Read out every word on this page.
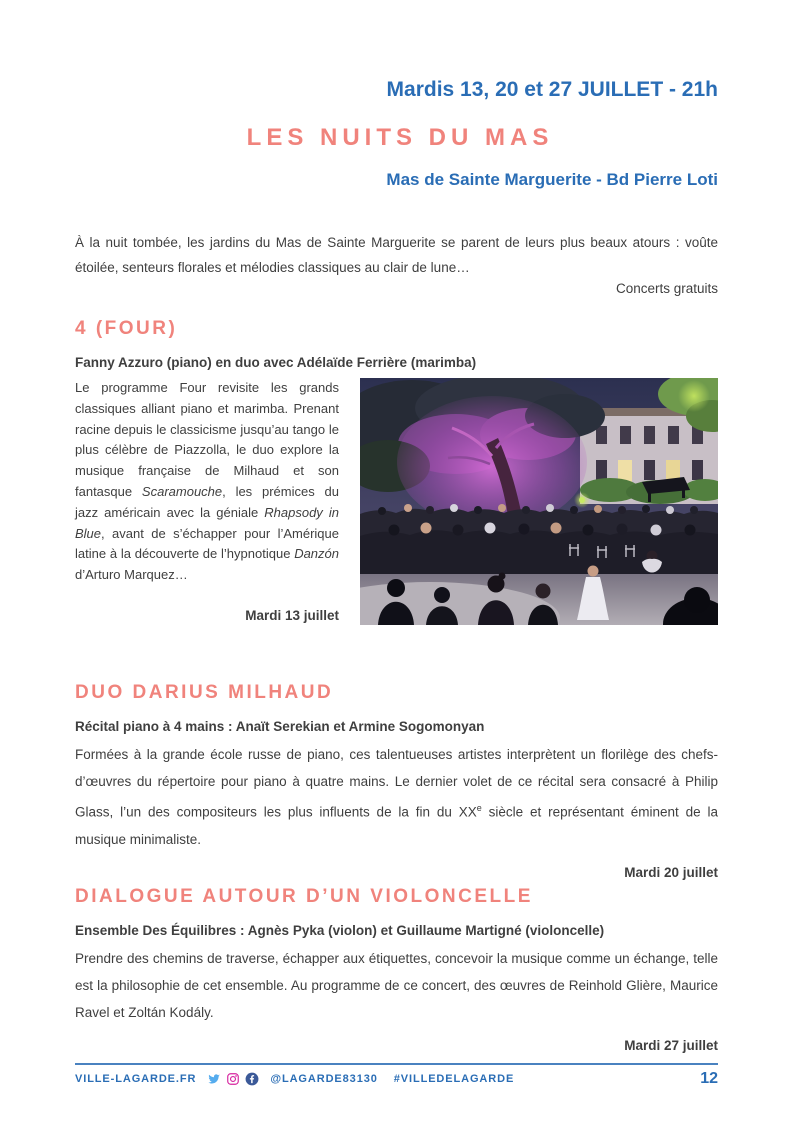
Mardis 13, 20 et 27 JUILLET - 21h
LES NUITS DU MAS
Mas de Sainte Marguerite - Bd Pierre Loti

À la nuit tombée, les jardins du Mas de Sainte Marguerite se parent de leurs plus beaux atours : voûte étoilée, senteurs florales et mélodies classiques au clair de lune…

Concerts gratuits
4 (FOUR)
Fanny Azzuro (piano) en duo avec Adélaïde Ferrière (marimba)

Le programme Four revisite les grands classiques alliant piano et marimba. Prenant racine depuis le classicisme jusqu’au tango le plus célèbre de Piazzolla, le duo explore la musique française de Milhaud et son fantasque Scaramouche, les prémices du jazz américain avec la géniale Rhapsody in Blue, avant de s’échapper pour l’Amérique latine à la découverte de l’hypnotique Danzón d’Arturo Marquez…

Mardi 13 juillet
DUO DARIUS MILHAUD
Récital piano à 4 mains : Anaït Serekian et Armine Sogomonyan

Formées à la grande école russe de piano, ces talentueuses artistes interprètent un florilège des chefs-d’œuvres du répertoire pour piano à quatre mains. Le dernier volet de ce récital sera consacré à Philip Glass, l’un des compositeurs les plus influents de la fin du XXe siècle et représentant éminent de la musique minimaliste.

Mardi 20 juillet
DIALOGUE AUTOUR D’UN VIOLONCELLE
Ensemble Des Équilibres : Agnès Pyka (violon) et Guillaume Martigné (violoncelle)

Prendre des chemins de traverse, échapper aux étiquettes, concevoir la musique comme un échange, telle est la philosophie de cet ensemble. Au programme de ce concert, des œuvres de Reinhold Glière, Maurice Ravel et Zoltán Kodály.

Mardi 27 juillet
VILLE-LAGARDE.FR	@LAGARDE83130 #VILLEDELAGARDE	12
